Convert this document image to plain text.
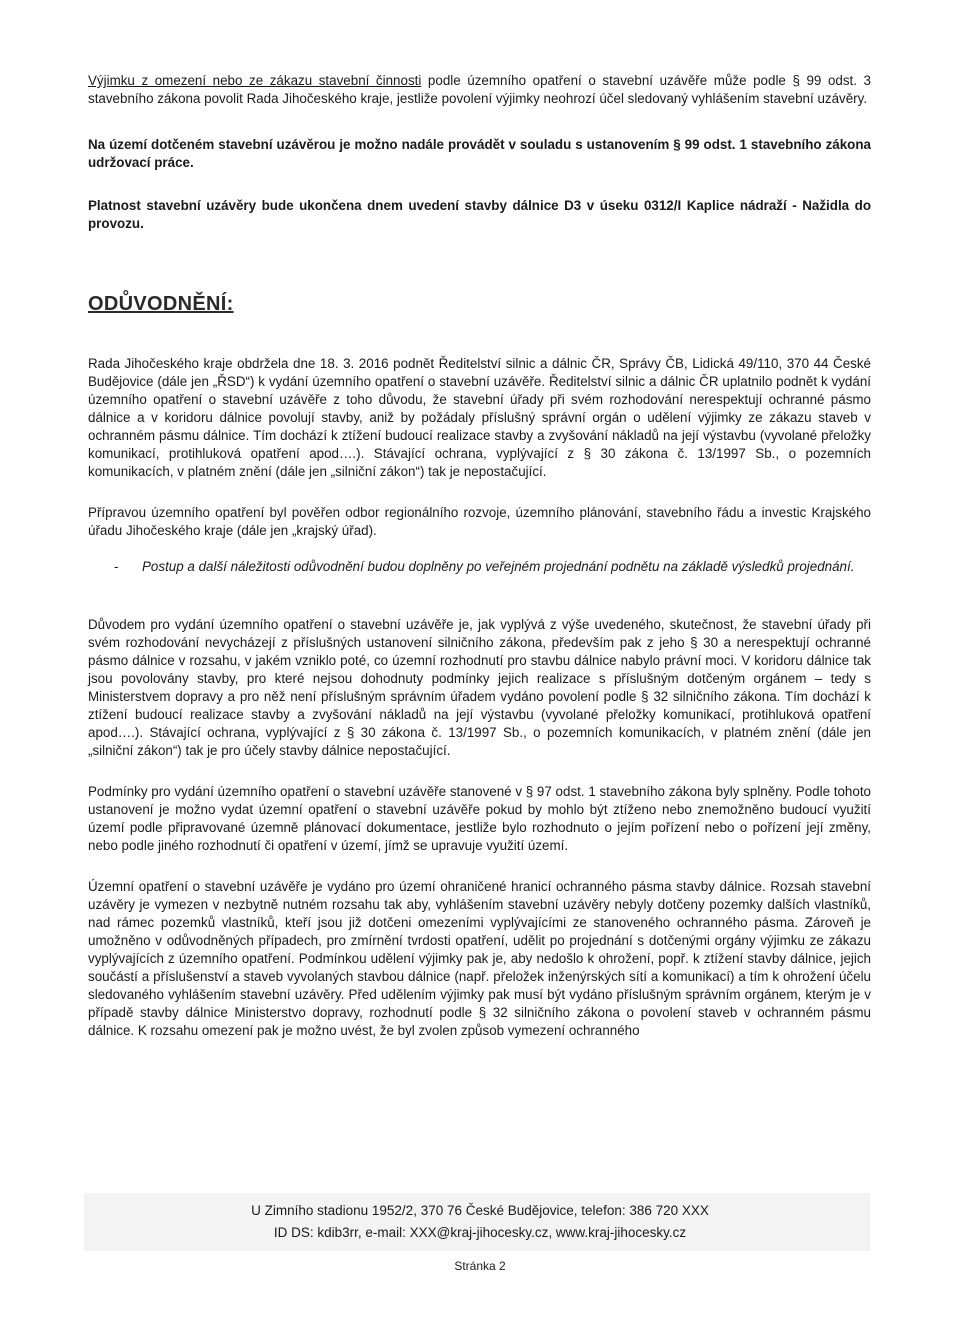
Výjimku z omezení nebo ze zákazu stavební činnosti podle územního opatření o stavební uzávěře může podle § 99 odst. 3 stavebního zákona povolit Rada Jihočeského kraje, jestliže povolení výjimky neohrozí účel sledovaný vyhlášením stavební uzávěry.

Na území dotčeném stavební uzávěrou je možno nadále provádět v souladu s ustanovením § 99 odst. 1 stavebního zákona udržovací práce.

Platnost stavební uzávěry bude ukončena dnem uvedení stavby dálnice D3 v úseku 0312/I Kaplice nádraží - Nažidla do provozu.

ODŮVODNĚNÍ:

Rada Jihočeského kraje obdržela dne 18. 3. 2016 podnět Ředitelství silnic a dálnic ČR, Správy ČB, Lidická 49/110, 370 44 České Budějovice (dále jen „ŘSD“) k vydání územního opatření o stavební uzávěře. Ředitelství silnic a dálnic ČR uplatnilo podnět k vydání územního opatření o stavební uzávěře z toho důvodu, že stavební úřady při svém rozhodování nerespektují ochranné pásmo dálnice a v koridoru dálnice povolují stavby, aniž by požádaly příslušný správní orgán o udělení výjimky ze zákazu staveb v ochranném pásmu dálnice. Tím dochází k ztížení budoucí realizace stavby a zvyšování nákladů na její výstavbu (vyvolané přeložky komunikací, protihluková opatření apod….). Stávající ochrana, vyplývající z § 30 zákona č. 13/1997 Sb., o pozemních komunikacích, v platném znění (dále jen „silniční zákon“) tak je nepostačující.

Přípravou územního opatření byl pověřen odbor regionálního rozvoje, územního plánování, stavebního řádu a investic Krajského úřadu Jihočeského kraje (dále jen „krajský úřad).

- Postup a další náležitosti odůvodnění budou doplněny po veřejném projednání podnětu na základě výsledků projednání.

Důvodem pro vydání územního opatření o stavební uzávěře je, jak vyplývá z výše uvedeného, skutečnost, že stavební úřady při svém rozhodování nevycházejí z příslušných ustanovení silničního zákona, především pak z jeho § 30 a nerespektují ochranné pásmo dálnice v rozsahu, v jakém vzniklo poté, co územní rozhodnutí pro stavbu dálnice nabylo právní moci. V koridoru dálnice tak jsou povolovány stavby, pro které nejsou dohodnuty podmínky jejich realizace s příslušným dotčeným orgánem – tedy s Ministerstvem dopravy a pro něž není příslušným správním úřadem vydáno povolení podle § 32 silničního zákona. Tím dochází k ztížení budoucí realizace stavby a zvyšování nákladů na její výstavbu (vyvolané přeložky komunikací, protihluková opatření apod….). Stávající ochrana, vyplývající z § 30 zákona č. 13/1997 Sb., o pozemních komunikacích, v platném znění (dále jen „silniční zákon“) tak je pro účely stavby dálnice nepostačující.

Podmínky pro vydání územního opatření o stavební uzávěře stanovené v § 97 odst. 1 stavebního zákona byly splněny. Podle tohoto ustanovení je možno vydat územní opatření o stavební uzávěře pokud by mohlo být ztíženo nebo znemožněno budoucí využití území podle připravované územně plánovací dokumentace, jestliže bylo rozhodnuto o jejím pořízení nebo o pořízení její změny, nebo podle jiného rozhodnutí či opatření v území, jímž se upravuje využití území.

Územní opatření o stavební uzávěře je vydáno pro území ohraničené hranicí ochranného pásma stavby dálnice. Rozsah stavební uzávěry je vymezen v nezbytně nutném rozsahu tak aby, vyhlášením stavební uzávěry nebyly dotčeny pozemky dalších vlastníků, nad rámec pozemků vlastníků, kteří jsou již dotčeni omezeními vyplývajícími ze stanoveného ochranného pásma. Zároveň je umožněno v odůvodněných případech, pro zmírnění tvrdosti opatření, udělit po projednání s dotčenými orgány výjimku ze zákazu vyplývajících z územního opatření. Podmínkou udělení výjimky pak je, aby nedošlo k ohrožení, popř. k ztížení stavby dálnice, jejich součástí a příslušenství a staveb vyvolaných stavbou dálnice (např. přeložek inženýrských sítí a komunikací) a tím k ohrožení účelu sledovaného vyhlášením stavební uzávěry. Před udělením výjimky pak musí být vydáno příslušným správním orgánem, kterým je v případě stavby dálnice Ministerstvo dopravy, rozhodnutí podle § 32 silničního zákona o povolení staveb v ochranném pásmu dálnice. K rozsahu omezení pak je možno uvést, že byl zvolen způsob vymezení ochranného

U Zimního stadionu 1952/2, 370 76 České Budějovice, telefon: 386 720 XXX
ID DS: kdib3rr, e-mail: XXX@kraj-jihocesky.cz, www.kraj-jihocesky.cz
Stránka 2
